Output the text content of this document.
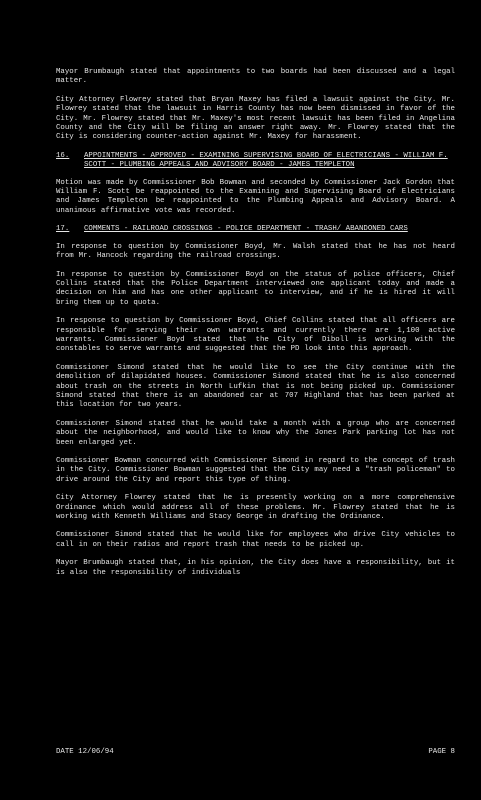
Mayor Brumbaugh stated that appointments to two boards had been discussed and a legal matter.

City Attorney Flowrey stated that Bryan Maxey has filed a lawsuit against the City. Mr. Flowrey stated that the lawsuit in Harris County has now been dismissed in favor of the City. Mr. Flowrey stated that Mr. Maxey's most recent lawsuit has been filed in Angelina County and the City will be filing an answer right away. Mr. Flowrey stated that the City is considering counter-action against Mr. Maxey for harassment.

16.	APPOINTMENTS - APPROVED - EXAMINING SUPERVISING BOARD OF ELECTRICIANS - WILLIAM F. SCOTT - PLUMBING APPEALS AND ADVISORY BOARD - JAMES TEMPLETON

Motion was made by Commissioner Bob Bowman and seconded by Commissioner Jack Gordon that William F. Scott be reappointed to the Examining and Supervising Board of Electricians and James Templeton be reappointed to the Plumbing Appeals and Advisory Board. A unanimous affirmative vote was recorded.

17.	COMMENTS - RAILROAD CROSSINGS - POLICE DEPARTMENT - TRASH/ ABANDONED CARS

In response to question by Commissioner Boyd, Mr. Walsh stated that he has not heard from Mr. Hancock regarding the railroad crossings.

In response to question by Commissioner Boyd on the status of police officers, Chief Collins stated that the Police Department interviewed one applicant today and made a decision on him and has one other applicant to interview, and if he is hired it will bring them up to quota.

In response to question by Commissioner Boyd, Chief Collins stated that all officers are responsible for serving their own warrants and currently there are 1,100 active warrants. Commissioner Boyd stated that the City of Diboll is working with the constables to serve warrants and suggested that the PD look into this approach.

Commissioner Simond stated that he would like to see the City continue with the demolition of dilapidated houses. Commissioner Simond stated that he is also concerned about trash on the streets in North Lufkin that is not being picked up. Commissioner Simond stated that there is an abandoned car at 707 Highland that has been parked at this location for two years.

Commissioner Simond stated that he would take a month with a group who are concerned about the neighborhood, and would like to know why the Jones Park parking lot has not been enlarged yet.

Commissioner Bowman concurred with Commissioner Simond in regard to the concept of trash in the City. Commissioner Bowman suggested that the City may need a "trash policeman" to drive around the City and report this type of thing.

City Attorney Flowrey stated that he is presently working on a more comprehensive Ordinance which would address all of these problems. Mr. Flowrey stated that he is working with Kenneth Williams and Stacy George in drafting the Ordinance.

Commissioner Simond stated that he would like for employees who drive City vehicles to call in on their radios and report trash that needs to be picked up.

Mayor Brumbaugh stated that, in his opinion, the City does have a responsibility, but it is also the responsibility of individuals

DATE 12/06/94	PAGE 8
